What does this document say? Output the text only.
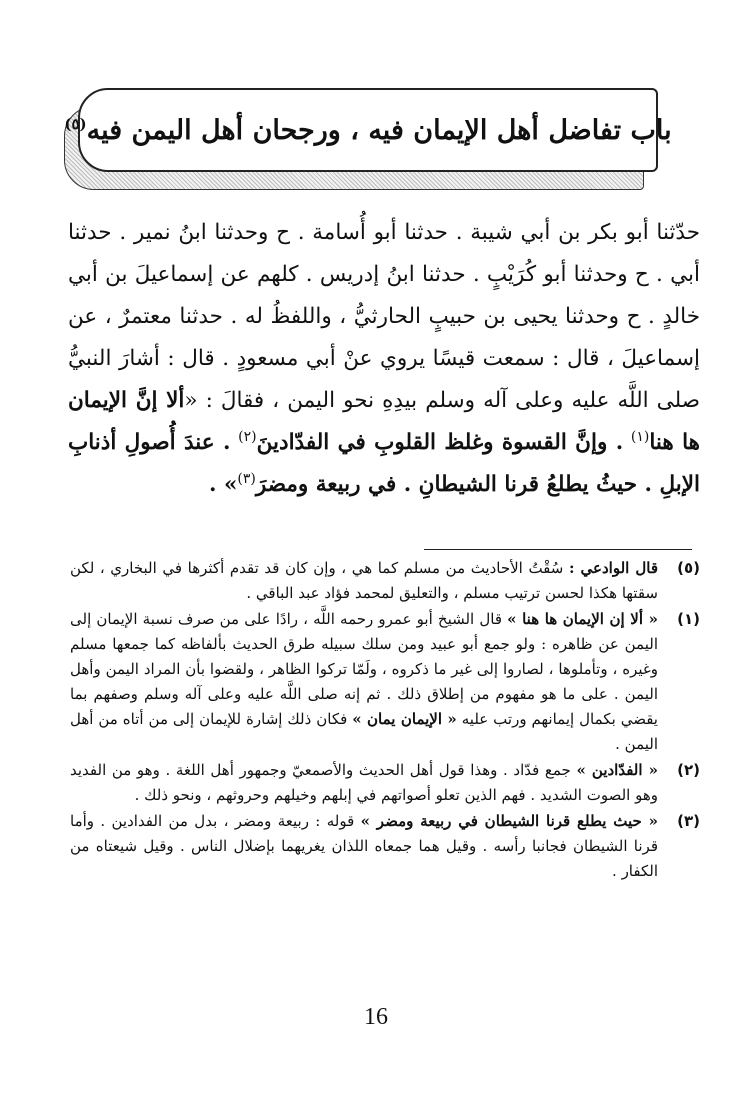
باب تفاضل أهل الإيمان فيه ، ورجحان أهل اليمن فيه$^{(٥)}$

حدّثنا أبو بكر بن أبي شيبة . حدثنا أبو أُسامة . ح وحدثنا ابنُ نمير . حدثنا أبي . ح وحدثنا أبو كُرَيْبٍ . حدثنا ابنُ إدريس . كلهم عن إسماعيلَ بن أبي خالدٍ . ح وحدثنا يحيى بن حبيبٍ الحارثيُّ ، واللفظُ له . حدثنا معتمرٌ ، عن إسماعيلَ ، قال : سمعت قيسًا يروي عنْ أبي مسعودٍ . قال : أشارَ النبيُّ صلى اللَّه عليه وعلى آله وسلم بيدِهِ نحو اليمن ، فقالَ : «ألا إنَّ الإيمان ها هنا$^{(١)}$ . وإنَّ القسوة وغلظ القلوبِ في الفدّادينَ$^{(٢)}$ . عندَ أُصولِ أذنابِ الإبلِ . حيثُ يطلعُ قرنا الشيطانِ . في ربيعة ومضرَ$^{(٣)}$» .

(٥)
قال الوادعي : سُقْتُ الأحاديث من مسلم كما هي ، وإن كان قد تقدم أكثرها في البخاري ، لكن سقتها هكذا لحسن ترتيب مسلم ، والتعليق لمحمد فؤاد عبد الباقي .
(١)
« ألا إن الإيمان ها هنا » قال الشيخ أبو عمرو رحمه اللَّه ، رادًا على من صرف نسبة الإيمان إلى اليمن عن ظاهره : ولو جمع أبو عبيد ومن سلك سبيله طرق الحديث بألفاظه كما جمعها مسلم وغيره ، وتأملوها ، لصاروا إلى غير ما ذكروه ، ولَمّا تركوا الظاهر ، ولقضوا بأن المراد اليمن وأهل اليمن . على ما هو مفهوم من إطلاق ذلك . ثم إنه صلى اللَّه عليه وعلى آله وسلم وصفهم بما يقضي بكمال إيمانهم ورتب عليه « الإيمان يمان » فكان ذلك إشارة للإيمان إلى من أتاه من أهل اليمن .
(٢)
« الفدّادين » جمع فدّاد . وهذا قول أهل الحديث والأصمعيّ وجمهور أهل اللغة . وهو من الفديد وهو الصوت الشديد . فهم الذين تعلو أصواتهم في إبلهم وخيلهم وحروثهم ، ونحو ذلك .
(٣)
« حيث يطلع قرنا الشيطان في ربيعة ومضر » قوله : ربيعة ومضر ، بدل من الفدادين . وأما قرنا الشيطان فجانبا رأسه . وقيل هما جمعاه اللذان يغريهما بإضلال الناس . وقيل شيعتاه من الكفار .
16
